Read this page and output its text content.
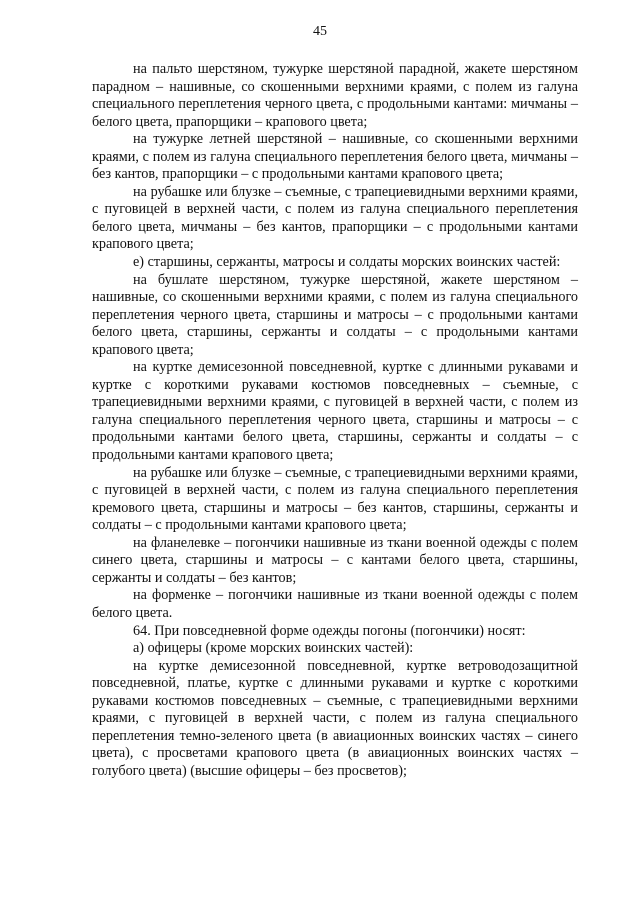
45

на пальто шерстяном, тужурке шерстяной парадной, жакете шерстяном парадном – нашивные, со скошенными верхними краями, с полем из галуна специального переплетения черного цвета, с продольными кантами: мичманы – белого цвета, прапорщики – крапового цвета;

на тужурке летней шерстяной – нашивные, со скошенными верхними краями, с полем из галуна специального переплетения белого цвета, мичманы – без кантов, прапорщики – с продольными кантами крапового цвета;

на рубашке или блузке – съемные, с трапециевидными верхними краями, с пуговицей в верхней части, с полем из галуна специального переплетения белого цвета, мичманы – без кантов, прапорщики – с продольными кантами крапового цвета;

е) старшины, сержанты, матросы и солдаты морских воинских частей:

на бушлате шерстяном, тужурке шерстяной, жакете шерстяном – нашивные, со скошенными верхними краями, с полем из галуна специального переплетения черного цвета, старшины и матросы – с продольными кантами белого цвета, старшины, сержанты и солдаты – с продольными кантами крапового цвета;

на куртке демисезонной повседневной, куртке с длинными рукавами и куртке с короткими рукавами костюмов повседневных – съемные, с трапециевидными верхними краями, с пуговицей в верхней части, с полем из галуна специального переплетения черного цвета, старшины и матросы – с продольными кантами белого цвета, старшины, сержанты и солдаты – с продольными кантами крапового цвета;

на рубашке или блузке – съемные, с трапециевидными верхними краями, с пуговицей в верхней части, с полем из галуна специального переплетения кремового цвета, старшины и матросы – без кантов, старшины, сержанты и солдаты – с продольными кантами крапового цвета;

на фланелевке – погончики нашивные из ткани военной одежды с полем синего цвета, старшины и матросы – с кантами белого цвета, старшины, сержанты и солдаты – без кантов;

на форменке – погончики нашивные из ткани военной одежды с полем белого цвета.

64. При повседневной форме одежды погоны (погончики) носят:

а) офицеры (кроме морских воинских частей):

на куртке демисезонной повседневной, куртке ветроводозащитной повседневной, платье, куртке с длинными рукавами и куртке с короткими рукавами костюмов повседневных – съемные, с трапециевидными верхними краями, с пуговицей в верхней части, с полем из галуна специального переплетения темно-зеленого цвета (в авиационных воинских частях – синего цвета), с просветами крапового цвета (в авиационных воинских частях – голубого цвета) (высшие офицеры – без просветов);
